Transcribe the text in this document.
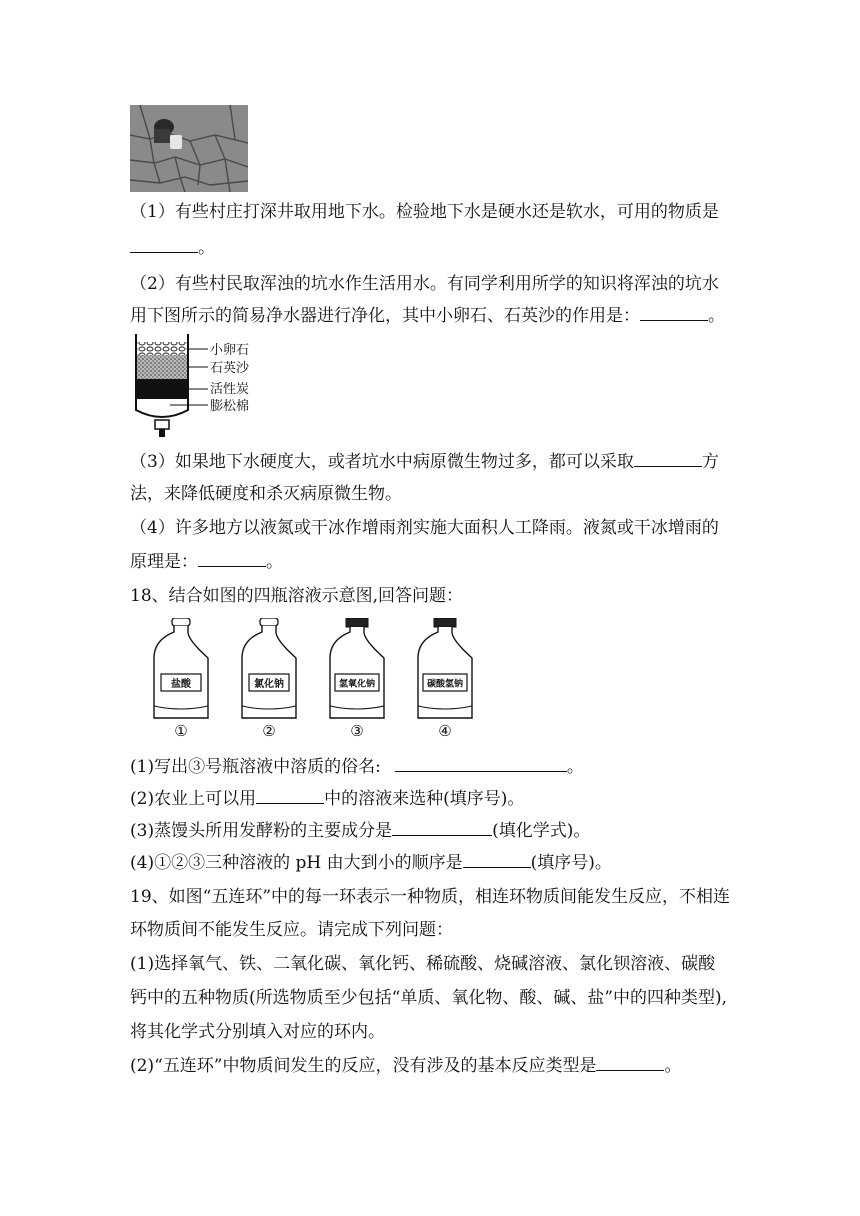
（1）有些村庄打深井取用地下水。检验地下水是硬水还是软水，可用的物质是
。
（2）有些村民取浑浊的坑水作生活用水。有同学利用所学的知识将浑浊的坑水
用下图所示的简易净水器进行净化，其中小卵石、石英沙的作用是：	。
小卵石
石英沙
活性炭
膨松棉
（3）如果地下水硬度大，或者坑水中病原微生物过多，都可以采取	方
法，来降低硬度和杀灭病原微生物。
（4）许多地方以液氮或干冰作增雨剂实施大面积人工降雨。液氮或干冰增雨的
原理是：	。
18、结合如图的四瓶溶液示意图,回答问题：
盐酸
①
氯化钠
②
氢氧化钠
③
碳酸氢钠
④
(1)写出③号瓶溶液中溶质的俗名:	。
(2)农业上可以用	中的溶液来选种(填序号)。
(3)蒸馒头所用发酵粉的主要成分是	(填化学式)。
(4)①②③三种溶液的 pH 由大到小的顺序是	(填序号)。
19、如图“五连环”中的每一环表示一种物质，相连环物质间能发生反应，不相连
环物质间不能发生反应。请完成下列问题：
(1)选择氧气、铁、二氧化碳、氧化钙、稀硫酸、烧碱溶液、氯化钡溶液、碳酸
钙中的五种物质(所选物质至少包括“单质、氧化物、酸、碱、盐”中的四种类型),
将其化学式分别填入对应的环内。
(2)“五连环”中物质间发生的反应，没有涉及的基本反应类型是	。
